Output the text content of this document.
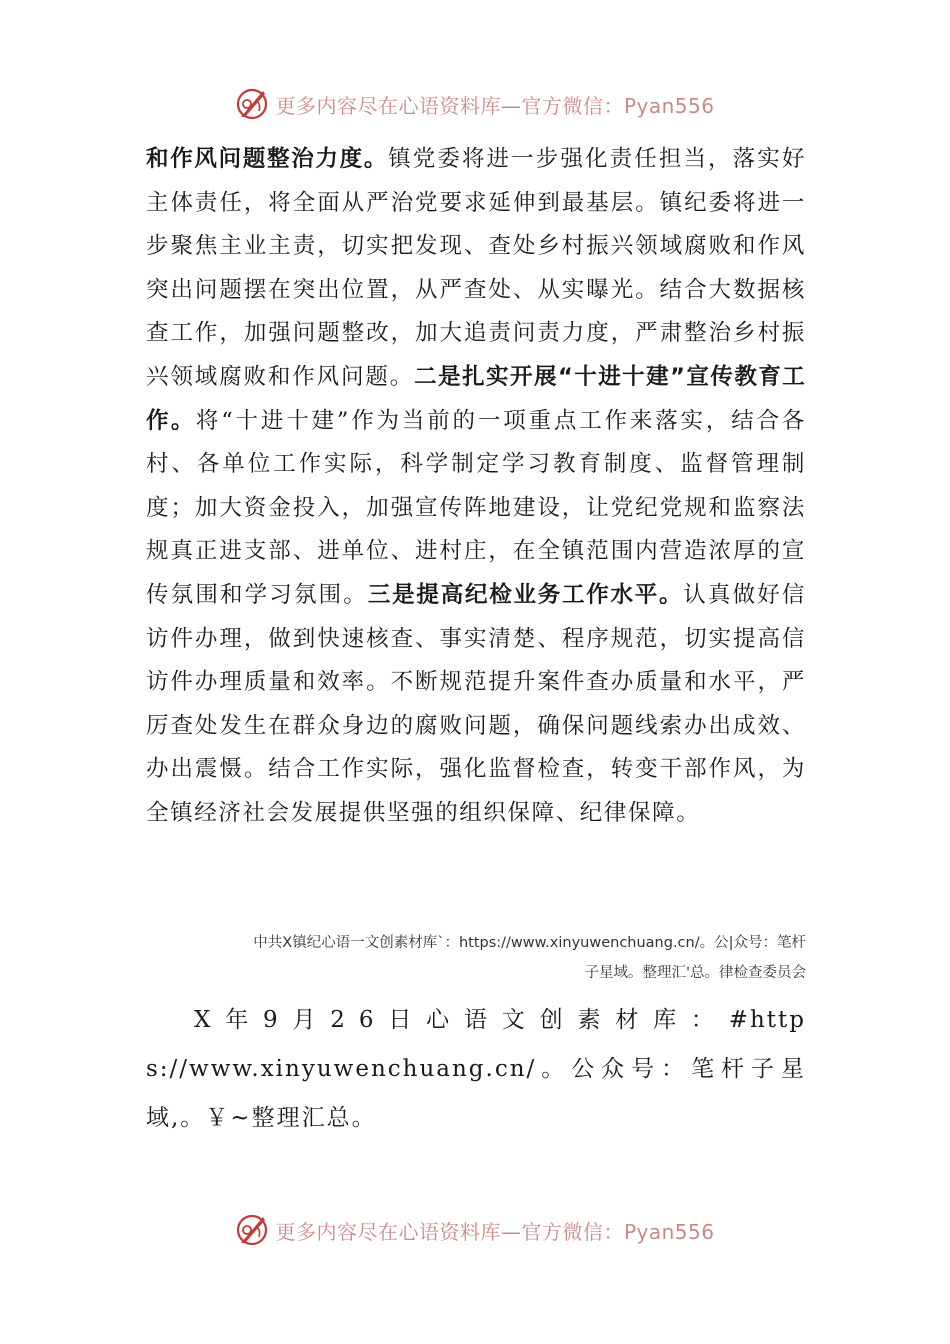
更多内容尽在心语资料库—官方微信：Pyan556
和作风问题整治力度。镇党委将进一步强化责任担当，落实好主体责任，将全面从严治党要求延伸到最基层。镇纪委将进一步聚焦主业主责，切实把发现、查处乡村振兴领域腐败和作风突出问题摆在突出位置，从严查处、从实曝光。结合大数据核查工作，加强问题整改，加大追责问责力度，严肃整治乡村振兴领域腐败和作风问题。二是扎实开展“十进十建”宣传教育工作。将“十进十建”作为当前的一项重点工作来落实，结合各村、各单位工作实际，科学制定学习教育制度、监督管理制度；加大资金投入，加强宣传阵地建设，让党纪党规和监察法规真正进支部、进单位、进村庄，在全镇范围内营造浓厚的宣传氛围和学习氛围。三是提高纪检业务工作水平。认真做好信访件办理，做到快速核查、事实清楚、程序规范，切实提高信访件办理质量和效率。不断规范提升案件查办质量和水平，严厉查处发生在群众身边的腐败问题，确保问题线索办出成效、办出震慑。结合工作实际，强化监督检查，转变干部作风，为全镇经济社会发展提供坚强的组织保障、纪律保障。
中共X镇纪心语一文创素材库`：https://www.xinyuwenchuang.cn/。公|众号：笔杆
子星域。整理汇'总。律检查委员会
X年9月26日心语文创素材库：#https://www.xinyuwenchuang.cn/。公众号：笔杆子星域,。￥~整理汇总。
更多内容尽在心语资料库—官方微信：Pyan556
